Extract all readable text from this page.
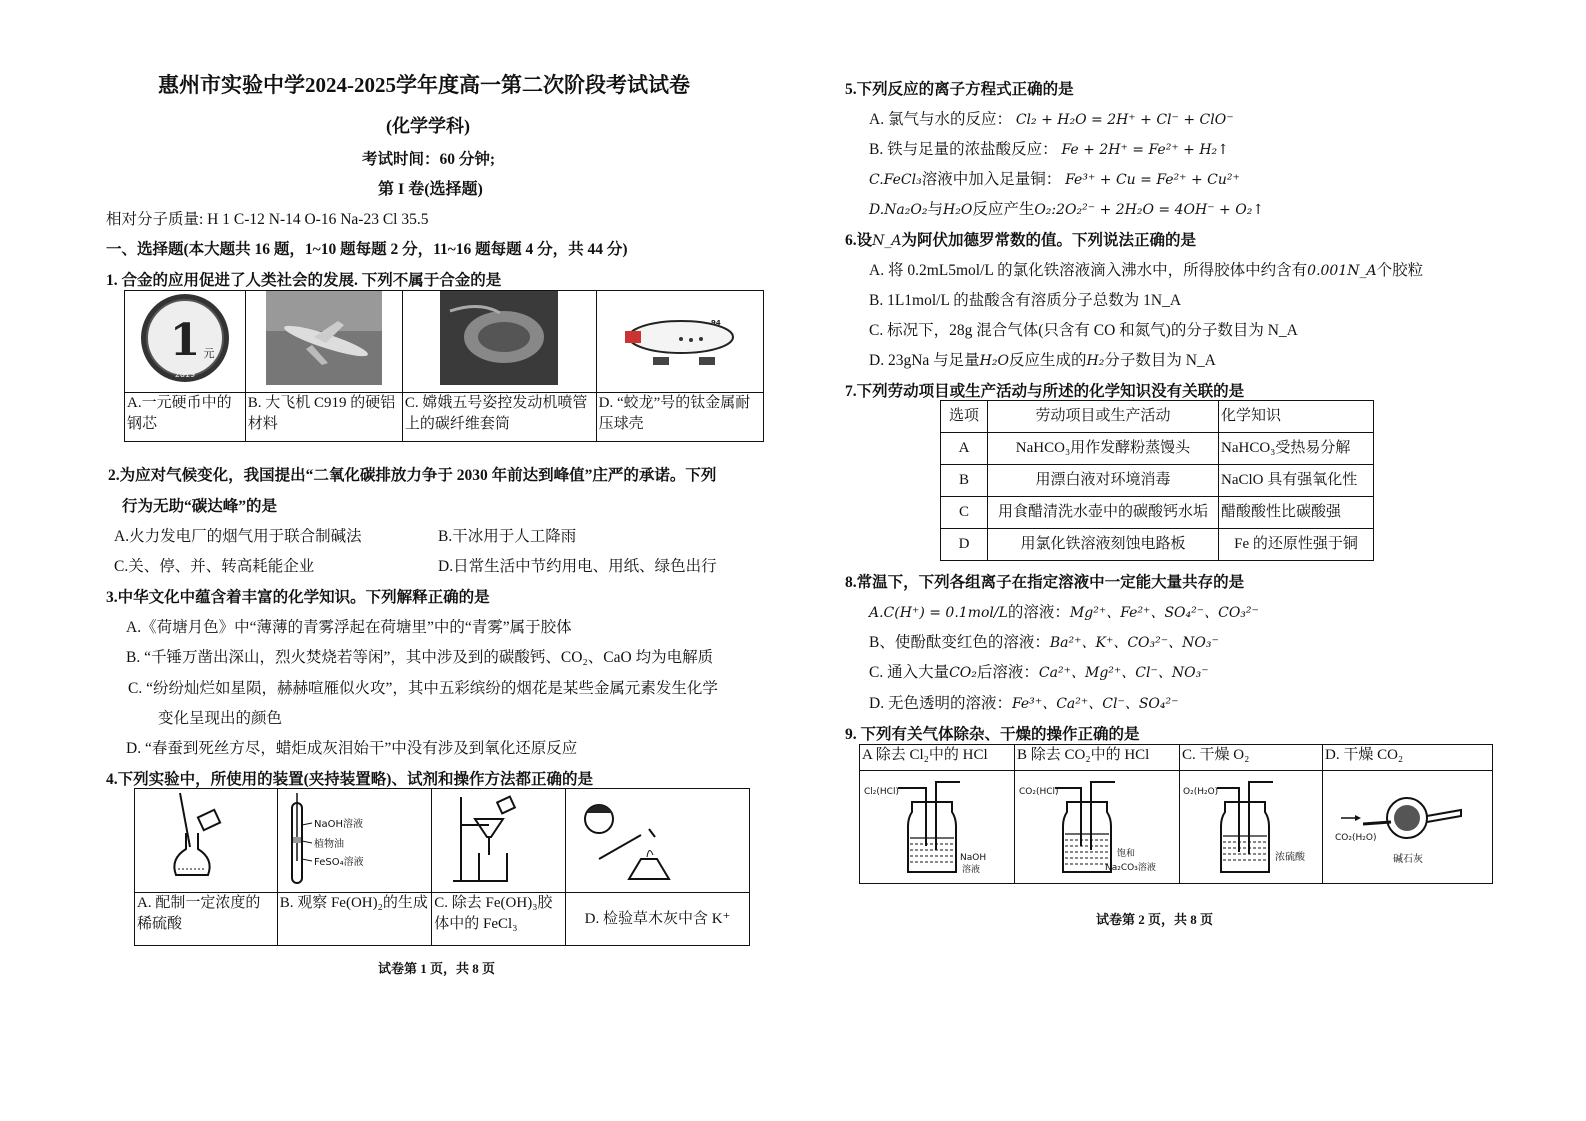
惠州市实验中学2024-2025学年度高一第二次阶段考试试卷
(化学学科)
考试时间：60 分钟;
第 I 卷(选择题)
相对分子质量: H 1 C-12 N-14 O-16 Na-23 Cl 35.5
一、选择题(本大题共 16 题，1~10 题每题 2 分，11~16 题每题 4 分，共 44 分)
1. 合金的应用促进了人类社会的发展. 下列不属于合金的是
1 元
2019			94

A.一元硬币中的钢芯	B. 大飞机 C919 的硬铝材料	C. 嫦娥五号姿控发动机喷管上的碳纤维套筒	D. “蛟龙”号的钛金属耐压球壳
2.为应对气候变化，我国提出“二氧化碳排放力争于 2030 年前达到峰值”庄严的承诺。下列
行为无助“碳达峰”的是
A.火力发电厂的烟气用于联合制碱法	B.干冰用于人工降雨
C.关、停、并、转高耗能企业	D.日常生活中节约用电、用纸、绿色出行
3.中华文化中蕴含着丰富的化学知识。下列解释正确的是
A.《荷塘月色》中“薄薄的青雾浮起在荷塘里”中的“青雾”属于胶体
B. “千锤万凿出深山，烈火焚烧若等闲”，其中涉及到的碳酸钙、CO₂、CaO 均为电解质
C. “纷纷灿烂如星陨，赫赫喧雁似火攻”，其中五彩缤纷的烟花是某些金属元素发生化学
变化呈现出的颜色
D. “春蚕到死丝方尽，蜡炬成灰泪始干”中没有涉及到氧化还原反应
4.下列实验中，所使用的装置(夹持装置略)、试剂和操作方法都正确的是

NaOH溶液
植物油
FeSO₄溶液

A. 配制一定浓度的稀硫酸	B. 观察 Fe(OH)₂的生成	C. 除去 Fe(OH)₃胶体中的 FeCl₃	D. 检验草木灰中含 K⁺
试卷第 1 页，共 8 页
5.下列反应的离子方程式正确的是
A. 氯气与水的反应： Cl₂ + H₂O = 2H⁺ + Cl⁻ + ClO⁻
B. 铁与足量的浓盐酸反应： Fe + 2H⁺ = Fe²⁺ + H₂↑
C.FeCl₃溶液中加入足量铜： Fe³⁺ + Cu = Fe²⁺ + Cu²⁺
D.Na₂O₂与H₂O反应产生O₂:2O₂²⁻ + 2H₂O = 4OH⁻ + O₂↑
6.设N_A为阿伏加德罗常数的值。下列说法正确的是
A. 将 0.2mL5mol/L 的氯化铁溶液滴入沸水中，所得胶体中约含有0.001N_A个胶粒
B. 1L1mol/L 的盐酸含有溶质分子总数为 1N_A
C. 标况下，28g 混合气体(只含有 CO 和氮气)的分子数目为 N_A
D. 23gNa 与足量H₂O反应生成的H₂分子数目为 N_A
7.下列劳动项目或生产活动与所述的化学知识没有关联的是
选项	劳动项目或生产活动	化学知识
A	NaHCO₃用作发酵粉蒸馒头	NaHCO₃受热易分解
B	用漂白液对环境消毒	NaClO 具有强氧化性
C	用食醋清洗水壶中的碳酸钙水垢	醋酸酸性比碳酸强
D	用氯化铁溶液刻蚀电路板	Fe 的还原性强于铜
8.常温下，下列各组离子在指定溶液中一定能大量共存的是
A.C(H⁺) = 0.1mol/L的溶液：Mg²⁺、Fe²⁺、SO₄²⁻、CO₃²⁻
B、使酚酞变红色的溶液：Ba²⁺、K⁺、CO₃²⁻、NO₃⁻
C. 通入大量CO₂后溶液：Ca²⁺、Mg²⁺、Cl⁻、NO₃⁻
D. 无色透明的溶液：Fe³⁺、Ca²⁺、Cl⁻、SO₄²⁻
9. 下列有关气体除杂、干燥的操作正确的是
A 除去 Cl₂中的 HCl	B 除去 CO₂中的 HCl	C. 干燥 O₂	D. 干燥 CO₂

Cl₂(HCl)
NaOH
溶液	CO₂(HCl)
饱和
Na₂CO₃溶液	O₂(H₂O)
浓硫酸	CO₂(H₂O)
碱石灰
试卷第 2 页，共 8 页
